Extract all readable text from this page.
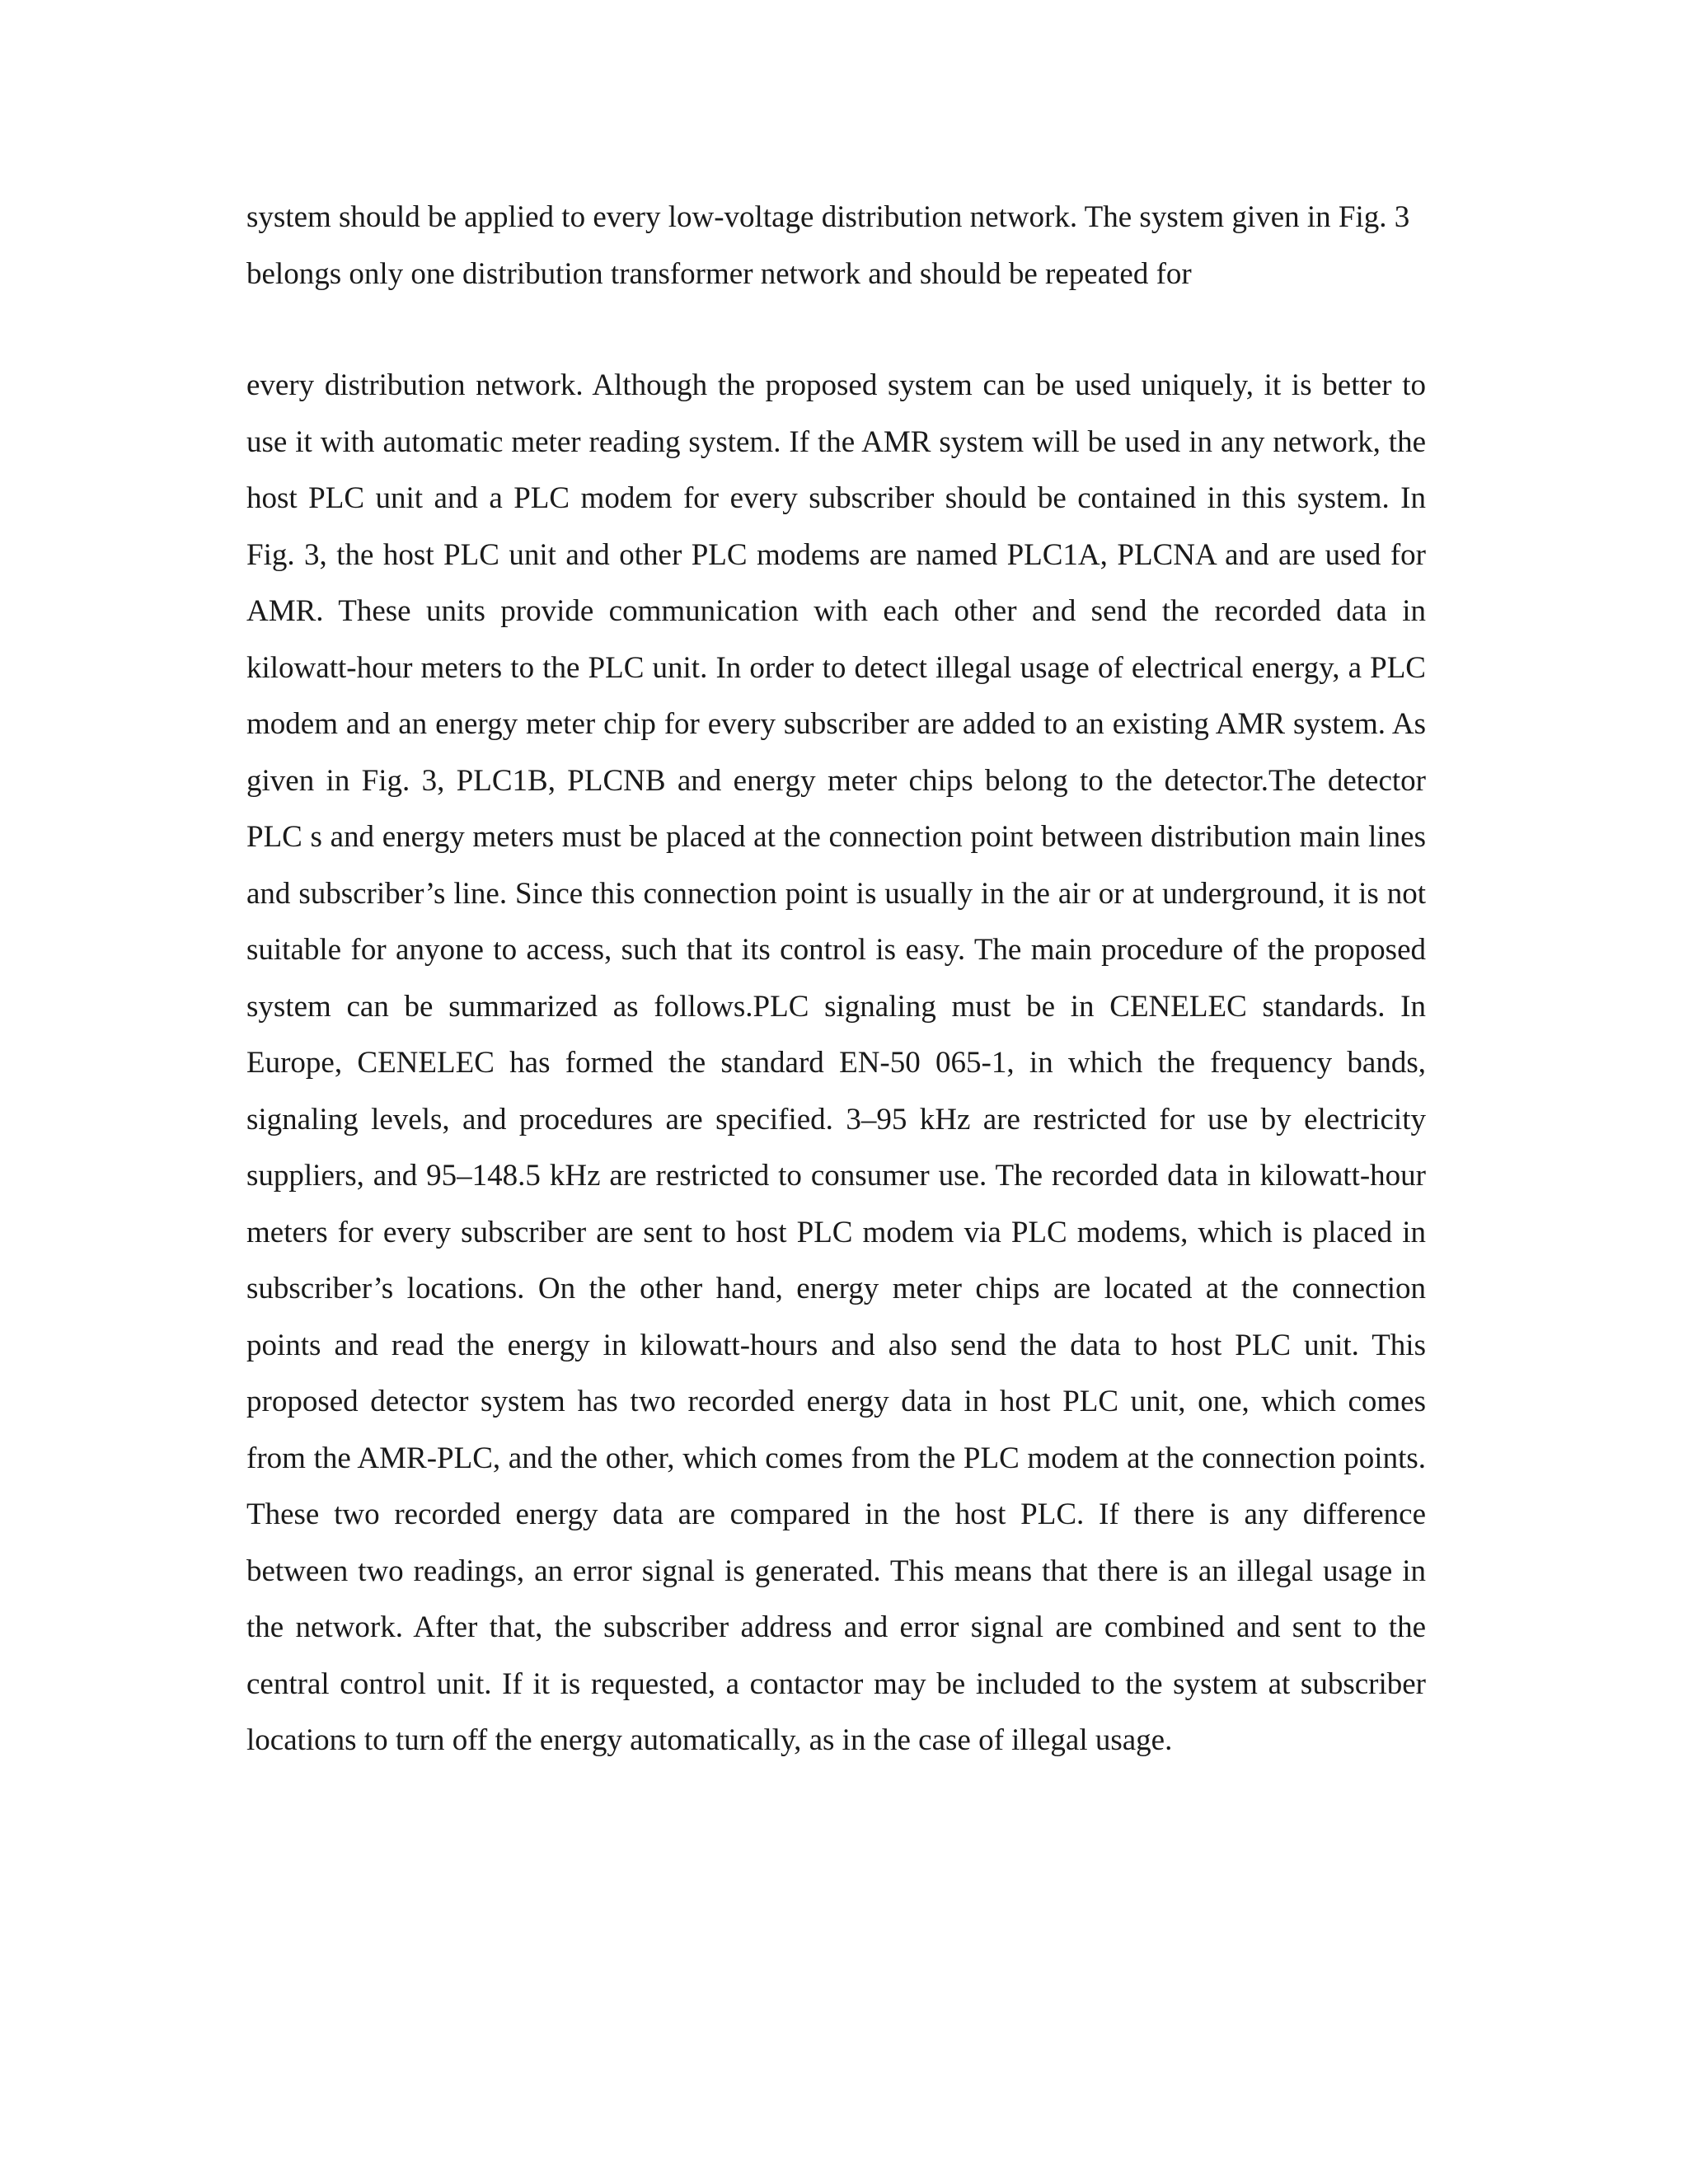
system should be applied to every low-voltage distribution network. The system given in Fig. 3 belongs only one distribution transformer network and should be repeated for

every distribution network. Although the proposed system can be used uniquely, it is better to use it with automatic meter reading system. If the AMR system will be used in any network, the host PLC unit and a PLC modem for every subscriber should be contained in this system. In Fig. 3, the host PLC unit and other PLC modems are named PLC1A, PLCNA and are used for AMR. These units provide communication with each other and send the recorded data in kilowatt-hour meters to the PLC unit. In order to detect illegal usage of electrical energy, a PLC modem and an energy meter chip for every subscriber are added to an existing AMR system. As given in Fig. 3, PLC1B, PLCNB and energy meter chips belong to the detector.The detector PLC s and energy meters must be placed at the connection point between distribution main lines and subscriber’s line. Since this connection point is usually in the air or at underground, it is not suitable for anyone to access, such that its control is easy. The main procedure of the proposed system can be summarized as follows.PLC signaling must be in CENELEC standards. In Europe, CENELEC has formed the standard EN-50 065-1, in which the frequency bands, signaling levels, and procedures are specified. 3–95 kHz are restricted for use by electricity suppliers, and 95–148.5 kHz are restricted to consumer use. The recorded data in kilowatt-hour meters for every subscriber are sent to host PLC modem via PLC modems, which is placed in subscriber’s locations. On the other hand, energy meter chips are located at the connection points and read the energy in kilowatt-hours and also send the data to host PLC unit. This proposed detector system has two recorded energy data in host PLC unit, one, which comes from the AMR-PLC, and the other, which comes from the PLC modem at the connection points. These two recorded energy data are compared in the host PLC. If there is any difference between two readings, an error signal is generated. This means that there is an illegal usage in the network. After that, the subscriber address and error signal are combined and sent to the central control unit. If it is requested, a contactor may be included to the system at subscriber locations to turn off the energy automatically, as in the case of illegal usage.
